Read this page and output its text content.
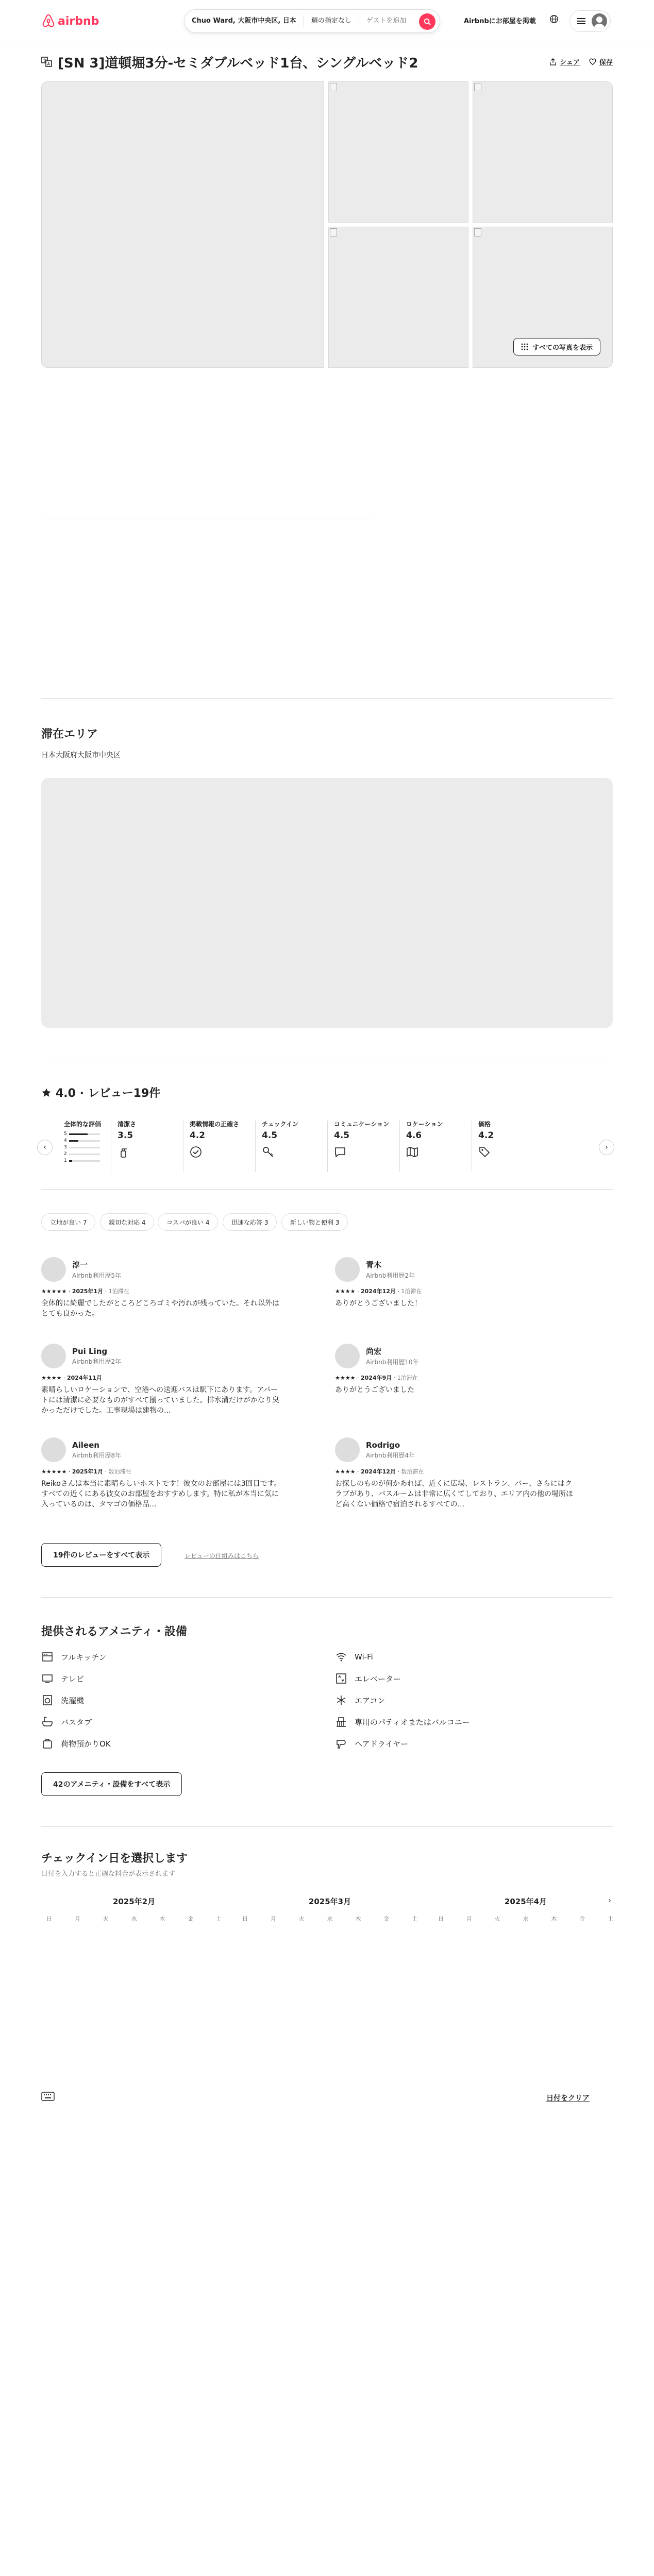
airbnb	Chuo Ward, 大阪市中央区, 日本	週の指定なし	ゲストを追加	Airbnbにお部屋を掲載
文
A [SN 3]道頓堀3分-セミダブルベッド1台、シングルベッド2	シェア	保存
すべての写真を表示
滞在エリア
日本大阪府大阪市中央区
4.0 · レビュー19件
全体的な評価
5
4
3
2
1
清潔さ
3.5
掲載情報の正確さ
4.2
チェックイン
4.5
コミュニケーション
4.5
ロケーション
4.6
価格
4.2
‹	›
立地が良い 7	親切な対応 4	コスパが良い 4	迅速な応答 3	新しい物と便利 3
淳一
Airbnb利用歴5年
★★★★★ · 2025年1月 · 1泊滞在
全体的に綺麗でしたがところどころゴミや汚れが残っていた。それ以外はとても良かった。
青木
Airbnb利用歴2年
★★★★ · 2024年12月 · 1泊滞在
ありがとうございました！
Pui Ling
Airbnb利用歴2年
★★★★ · 2024年11月
素晴らしいロケーションで、空港への送迎バスは駅下にあります。アパートには清潔に必要なものがすべて揃っていました。排水溝だけがかなり臭かっただけでした。工事現場は建物の...
尚宏
Airbnb利用歴10年
★★★★ · 2024年9月 · 1泊滞在
ありがとうございました
Aileen
Airbnb利用歴8年
★★★★★ · 2025年1月 · 数泊滞在
Reikoさんは本当に素晴らしいホストです！彼女のお部屋には3回目です。すべての近くにある彼女のお部屋をおすすめします。特に私が本当に気に入っているのは、タマゴの価格品...
Rodrigo
Airbnb利用歴4年
★★★★ · 2024年12月 · 数泊滞在
お探しのものが何かあれば、近くに広場、レストラン、バー、さらにはクラブがあり、バスルームは非常に広くてしており、エリア内の他の場所ほど高くない価格で宿泊されるすべての...
19件のレビューをすべて表示	レビューの仕組みはこちら
提供されるアメニティ・設備
フルキッチン	Wi-Fi
テレビ	エレベーター
洗濯機	エアコン
バスタブ	専用のパティオまたはバルコニー
荷物預かりOK	ヘアドライヤー
42のアメニティ・設備をすべて表示
チェックイン日を選択します
日付を入力すると正確な料金が表示されます
2025年2月	2025年3月	2025年4月	›
日	月	火	水	木	金	土	日	月	火	水	木	金	土	日	月	火	水	木	金	土
日付をクリア
